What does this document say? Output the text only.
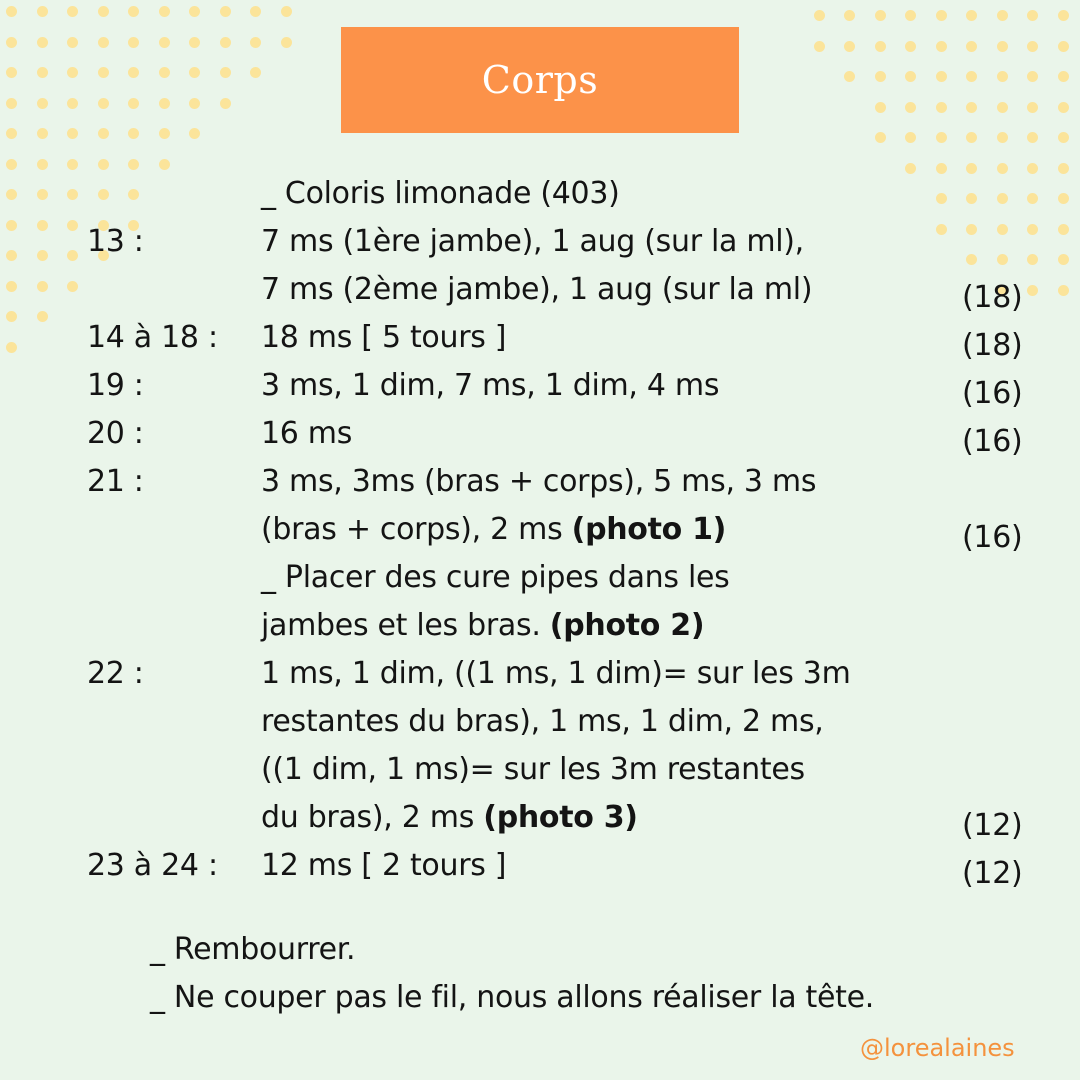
Corps
_ Coloris limonade (403)
13 :	7 ms (1ère jambe), 1 aug (sur la ml),
7 ms (2ème jambe), 1 aug (sur la ml)	(18)
14 à 18 : 18 ms [ 5 tours ]	(18)
19 :	3 ms, 1 dim, 7 ms, 1 dim, 4 ms	(16)
20 :	16 ms	(16)
21 :	3 ms, 3ms (bras + corps), 5 ms, 3 ms
(bras + corps), 2 ms (photo 1)	(16)
_ Placer des cure pipes dans les
jambes et les bras. (photo 2)
22 :	1 ms, 1 dim, ((1 ms, 1 dim)= sur les 3m
restantes du bras), 1 ms, 1 dim, 2 ms,
((1 dim, 1 ms)= sur les 3m restantes
du bras), 2 ms (photo 3)	(12)
23 à 24 : 12 ms [ 2 tours ]	(12)
_ Rembourrer.
_ Ne couper pas le fil, nous allons réaliser la tête.
@lorealaines
